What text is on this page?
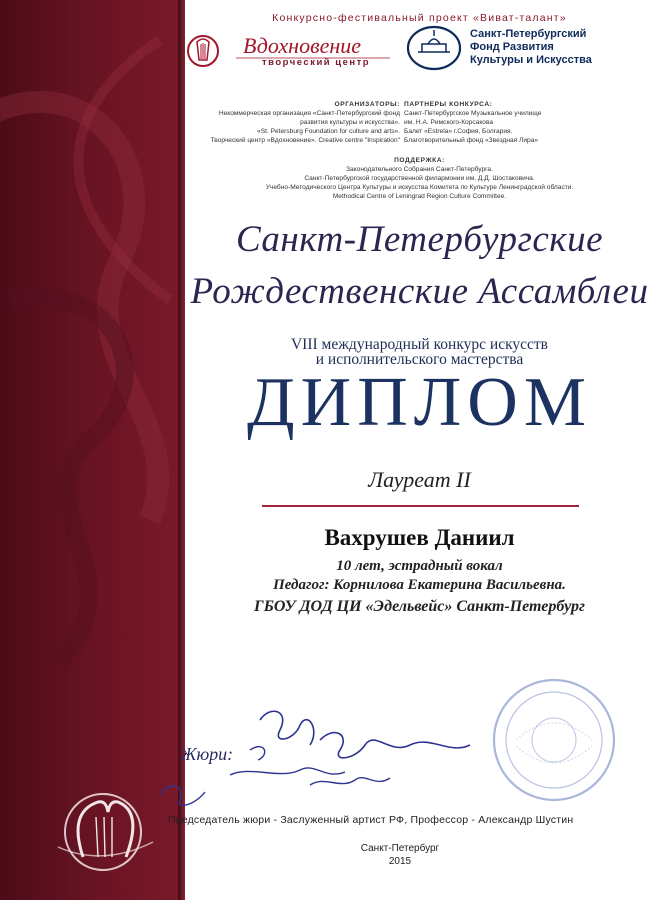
Конкурсно-фестивальный проект «Виват-талант»
Вдохновение
творческий центр
Санкт-Петербургский
Фонд Развития
Культуры и Искусства
ОРГАНИЗАТОРЫ:
Некоммерческая организация «Санкт-Петербургский фонд
развития культуры и искусства».
«St. Petersburg Foundation for culture and arts».
Творческий центр «Вдохновение». Creative centre "Inspiration"
ПАРТНЕРЫ КОНКУРСА:
Санкт-Петербургское Музыкальное училище
им. Н.А. Римского-Корсакова
Балет «Estrela» г.София, Болгария.
Благотворительный фонд «Звездная Лира»
ПОДДЕРЖКА:
Законодательного Собрания Санкт-Петербурга.
Санкт-Петербургской государственной филармонии им. Д.Д. Шостаковича.
Учебно-Методического Центра Культуры и искусства Комитета по Культуре Ленинградской области.
Methodical Centre of Leningrad Region Culture Committee.
Санкт-Петербургские
Рождественские Ассамблеи
VIII международный конкурс искусств
и исполнительского мастерства
ДИПЛОМ
Лауреат II
Вахрушев Даниил
10 лет, эстрадный вокал
Педагог: Корнилова Екатерина Васильевна.
ГБОУ ДОД ЦИ «Эдельвейс» Санкт-Петербург
Жюри:
Председатель жюри - Заслуженный артист РФ, Профессор - Александр Шустин
Санкт-Петербург
2015
